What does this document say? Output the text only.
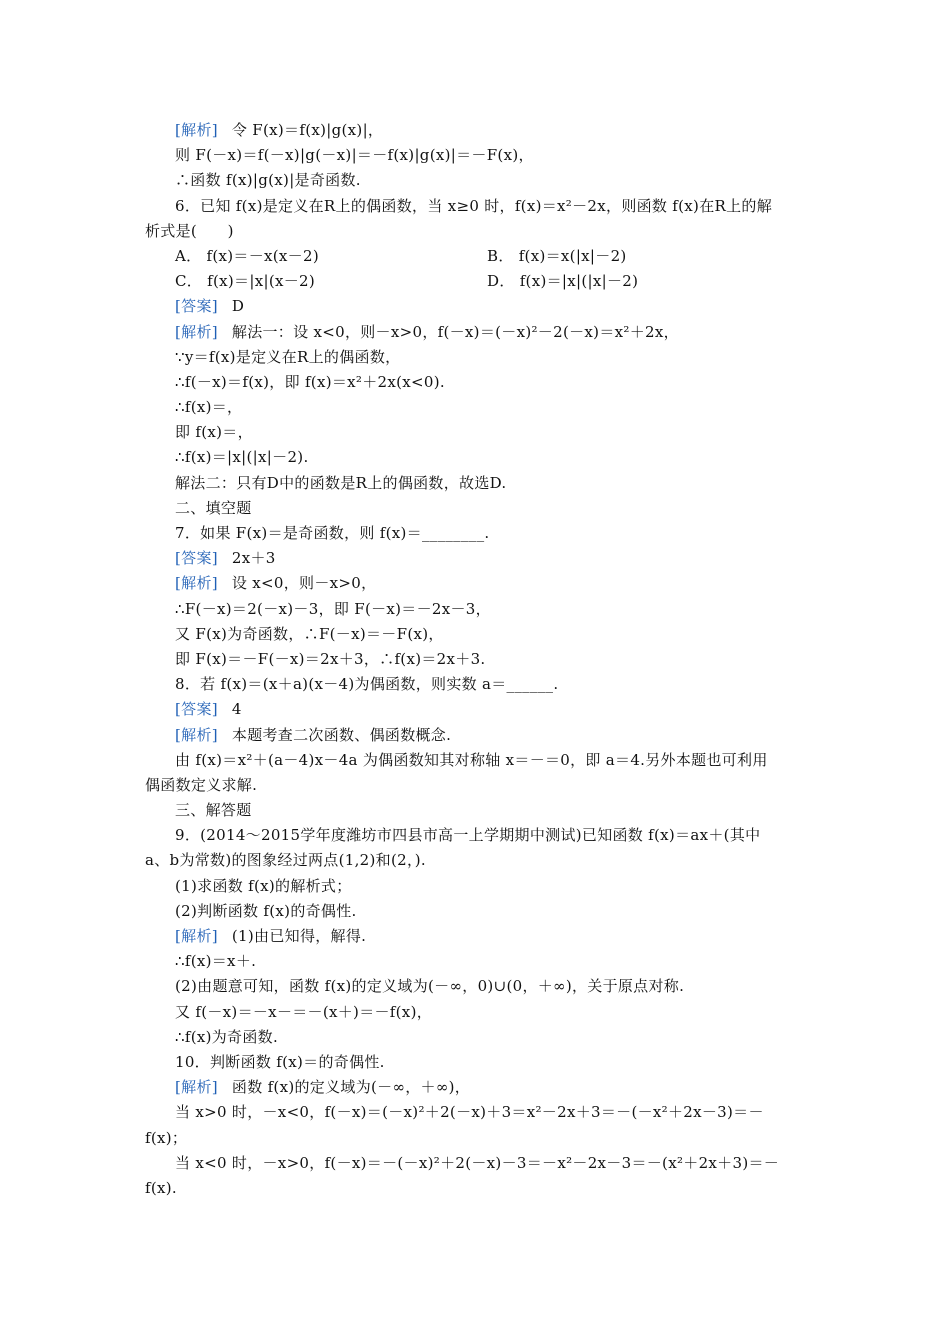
[解析] 令 F(x)＝f(x)|g(x)|，
则 F(－x)＝f(－x)|g(－x)|＝－f(x)|g(x)|＝－F(x)，
∴函数 f(x)|g(x)|是奇函数.
6．已知 f(x)是定义在R上的偶函数，当 x≥0 时，f(x)＝x²－2x，则函数 f(x)在R上的解
析式是(　　)
A． f(x)＝－x(x－2)	B． f(x)＝x(|x|－2)
C． f(x)＝|x|(x－2)	D． f(x)＝|x|(|x|－2)
[答案] D
[解析] 解法一：设 x<0，则－x>0，f(－x)＝(－x)²－2(－x)＝x²＋2x，
∵y＝f(x)是定义在R上的偶函数，
∴f(－x)＝f(x)，即 f(x)＝x²＋2x(x<0).
∴f(x)＝，
即 f(x)＝，
∴f(x)＝|x|(|x|－2).
解法二：只有D中的函数是R上的偶函数，故选D.
二、填空题
7．如果 F(x)＝是奇函数，则 f(x)＝________.
[答案] 2x＋3
[解析] 设 x<0，则－x>0，
∴F(－x)＝2(－x)－3，即 F(－x)＝－2x－3，
又 F(x)为奇函数，∴F(－x)＝－F(x)，
即 F(x)＝－F(－x)＝2x＋3，∴f(x)＝2x＋3.
8．若 f(x)＝(x＋a)(x－4)为偶函数，则实数 a＝______.
[答案] 4
[解析] 本题考查二次函数、偶函数概念.
由 f(x)＝x²＋(a－4)x－4a 为偶函数知其对称轴 x＝－＝0，即 a＝4.另外本题也可利用
偶函数定义求解.
三、解答题
9．(2014～2015学年度潍坊市四县市高一上学期期中测试)已知函数 f(x)＝ax＋(其中
a、b为常数)的图象经过两点(1,2)和(2，).
(1)求函数 f(x)的解析式；
(2)判断函数 f(x)的奇偶性.
[解析] (1)由已知得，解得.
∴f(x)＝x＋.
(2)由题意可知，函数 f(x)的定义域为(－∞，0)∪(0，＋∞)，关于原点对称.
又 f(－x)＝－x－＝－(x＋)＝－f(x)，
∴f(x)为奇函数.
10．判断函数 f(x)＝的奇偶性.
[解析] 函数 f(x)的定义域为(－∞，＋∞)，
当 x>0 时，－x<0，f(－x)＝(－x)²＋2(－x)＋3＝x²－2x＋3＝－(－x²＋2x－3)＝－
f(x)；
当 x<0 时，－x>0，f(－x)＝－(－x)²＋2(－x)－3＝－x²－2x－3＝－(x²＋2x＋3)＝－
f(x).
